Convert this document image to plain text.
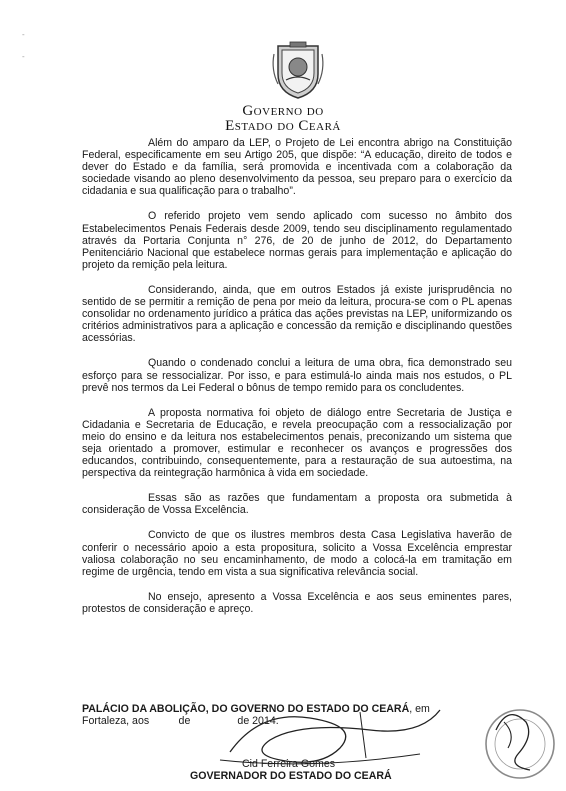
-
-
Governo do
Estado do Ceará

Além do amparo da LEP, o Projeto de Lei encontra abrigo na Constituição Federal, especificamente em seu Artigo 205, que dispõe: “A educação, direito de todos e dever do Estado e da família, será promovida e incentivada com a colaboração da sociedade visando ao pleno desenvolvimento da pessoa, seu preparo para o exercício da cidadania e sua qualificação para o trabalho”.

O referido projeto vem sendo aplicado com sucesso no âmbito dos Estabelecimentos Penais Federais desde 2009, tendo seu disciplinamento regulamentado através da Portaria Conjunta n° 276, de 20 de junho de 2012, do Departamento Penitenciário Nacional que estabelece normas gerais para implementação e aplicação do projeto da remição pela leitura.

Considerando, ainda, que em outros Estados já existe jurisprudência no sentido de se permitir a remição de pena por meio da leitura, procura-se com o PL apenas consolidar no ordenamento jurídico a prática das ações previstas na LEP, uniformizando os critérios administrativos para a aplicação e concessão da remição e disciplinando questões acessórias.

Quando o condenado conclui a leitura de uma obra, fica demonstrado seu esforço para se ressocializar. Por isso, e para estimulá-lo ainda mais nos estudos, o PL prevê nos termos da Lei Federal o bônus de tempo remido para os concludentes.

A proposta normativa foi objeto de diálogo entre Secretaria de Justiça e Cidadania e Secretaria de Educação, e revela preocupação com a ressocialização por meio do ensino e da leitura nos estabelecimentos penais, preconizando um sistema que seja orientado a promover, estimular e reconhecer os avanços e progressões dos educandos, contribuindo, consequentemente, para a restauração de sua autoestima, na perspectiva da reintegração harmônica à vida em sociedade.

Essas são as razões que fundamentam a proposta ora submetida à consideração de Vossa Excelência.

Convicto de que os ilustres membros desta Casa Legislativa haverão de conferir o necessário apoio a esta propositura, solicito a Vossa Excelência emprestar valiosa colaboração no seu encaminhamento, de modo a colocá-la em tramitação em regime de urgência, tendo em vista a sua significativa relevância social.

No ensejo, apresento a Vossa Excelência e aos seus eminentes pares, protestos de consideração e apreço.

PALÁCIO DA ABOLIÇÃO, DO GOVERNO DO ESTADO DO CEARÁ, em
Fortaleza, aos          de                de 2014.
Cid Ferreira Gomes
GOVERNADOR DO ESTADO DO CEARÁ
